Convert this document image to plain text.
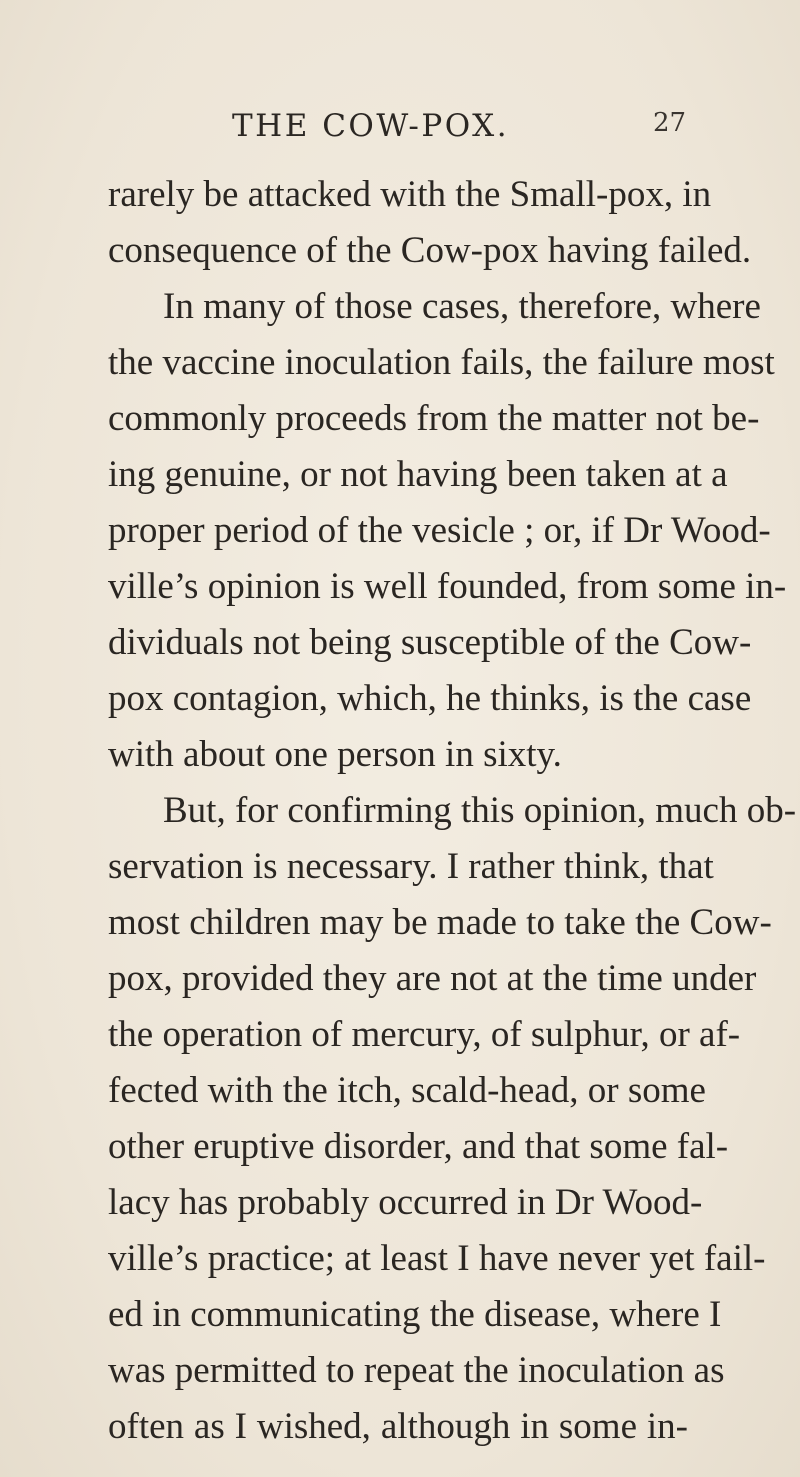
THE COW-POX.	27
rarely be attacked with the Small-pox, in
consequence of the Cow-pox having failed.
In many of those cases, therefore, where
the vaccine inoculation fails, the failure most
commonly proceeds from the matter not be-
ing genuine, or not having been taken at a
proper period of the vesicle ; or, if Dr Wood-
ville’s opinion is well founded, from some in-
dividuals not being susceptible of the Cow-
pox contagion, which, he thinks, is the case
with about one person in sixty.
But, for confirming this opinion, much ob-
servation is necessary. I rather think, that
most children may be made to take the Cow-
pox, provided they are not at the time under
the operation of mercury, of sulphur, or af-
fected with the itch, scald-head, or some
other eruptive disorder, and that some fal-
lacy has probably occurred in Dr Wood-
ville’s practice; at least I have never yet fail-
ed in communicating the disease, where I
was permitted to repeat the inoculation as
often as I wished, although in some in-
